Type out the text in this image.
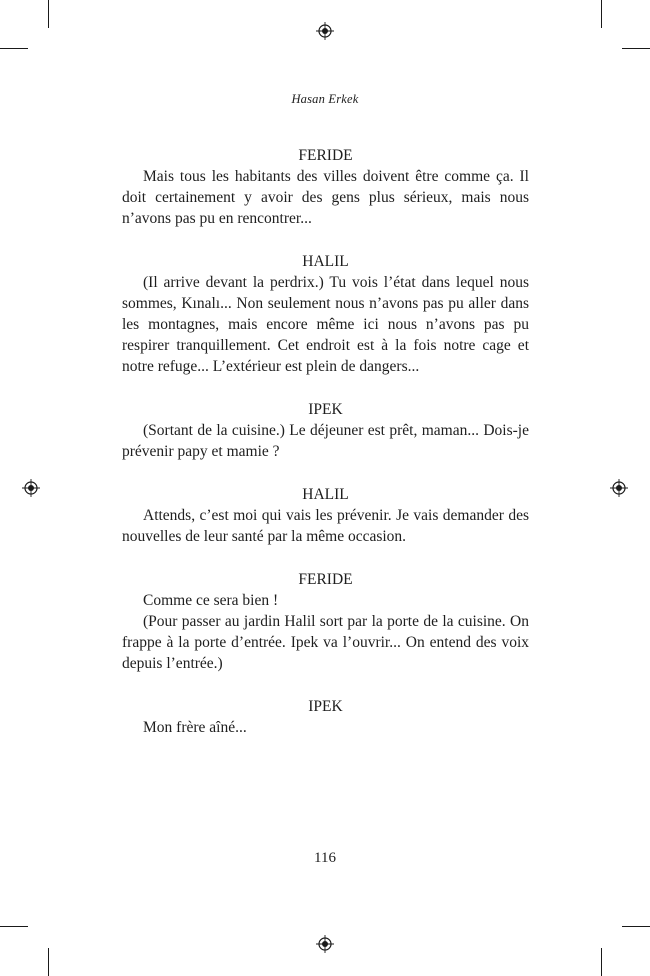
Hasan Erkek
FERIDE

Mais tous les habitants des villes doivent être comme ça. Il doit certainement y avoir des gens plus sérieux, mais nous n’avons pas pu en rencontrer...

HALIL

(Il arrive devant la perdrix.) Tu vois l’état dans lequel nous sommes, Kınalı... Non seulement nous n’avons pas pu aller dans les montagnes, mais encore même ici nous n’avons pas pu respirer tranquillement. Cet endroit est à la fois notre cage et notre refuge... L’extérieur est plein de dangers...

IPEK

(Sortant de la cuisine.) Le déjeuner est prêt, maman... Dois-je prévenir papy et mamie ?

HALIL

Attends, c’est moi qui vais les prévenir. Je vais demander des nouvelles de leur santé par la même occasion.

FERIDE

Comme ce sera bien !

(Pour passer au jardin Halil sort par la porte de la cuisine. On frappe à la porte d’entrée. Ipek va l’ouvrir... On entend des voix depuis l’entrée.)

IPEK

Mon frère aîné...

116
